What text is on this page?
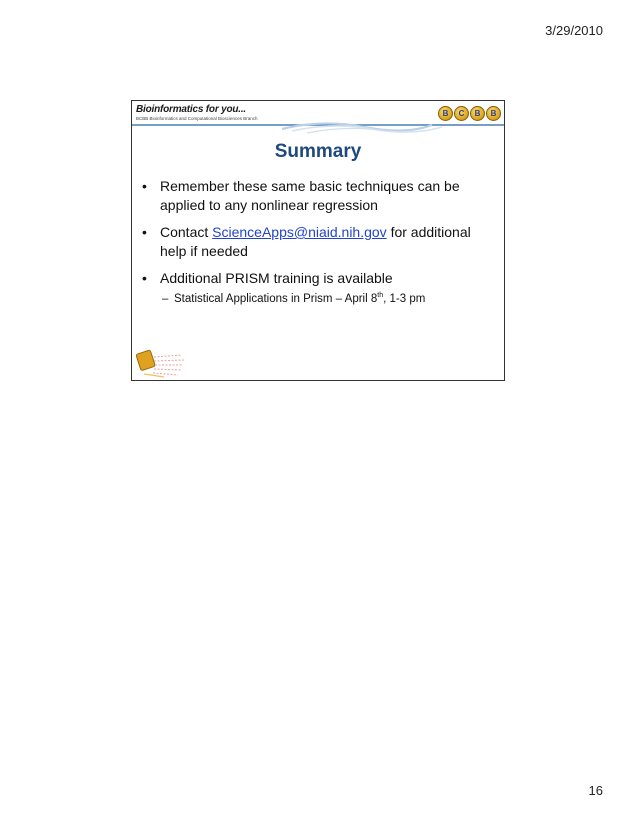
3/29/2010
Bioinformatics for you...
BCBB Bioinformatics and Computational Biosciences Branch
B	C	B	B
Summary
• Remember these same basic techniques can be applied to any nonlinear regression
• Contact ScienceApps@niaid.nih.gov for additional help if needed
• Additional PRISM training is available
– Statistical Applications in Prism – April 8th, 1-3 pm
16
